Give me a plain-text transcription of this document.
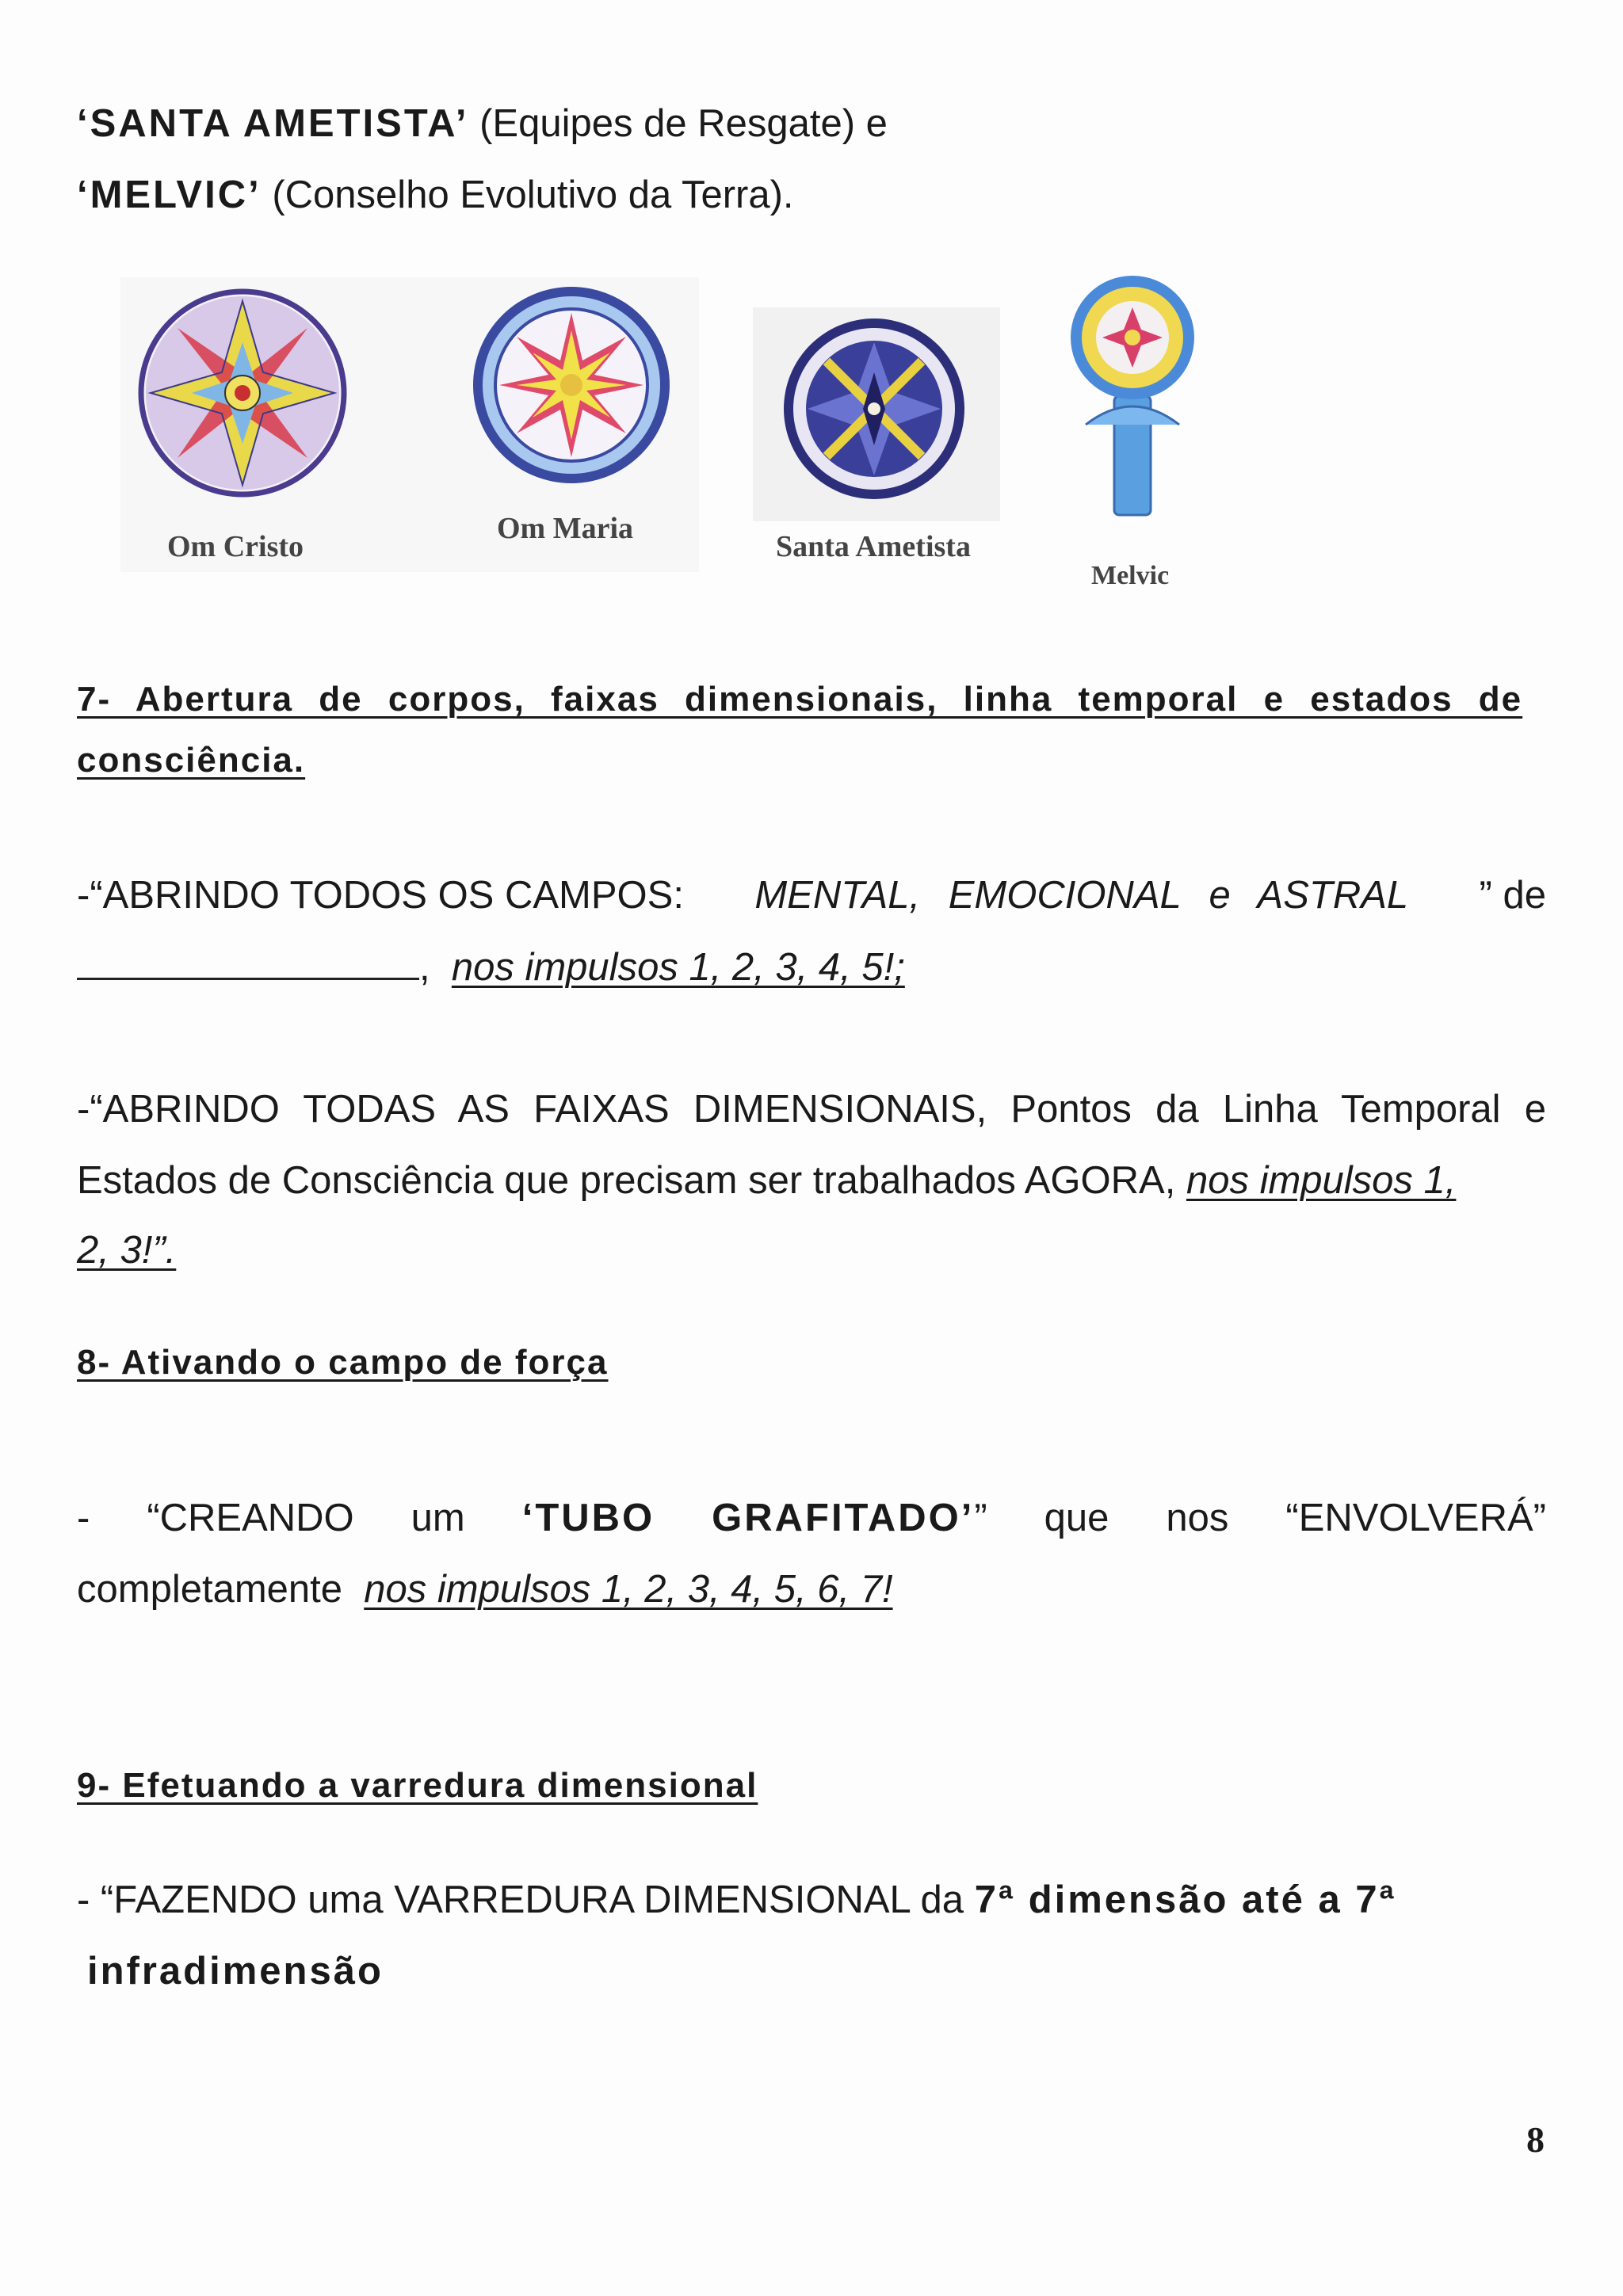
‘SANTA AMETISTA’ (Equipes de Resgate) e
‘MELVIC’ (Conselho Evolutivo da Terra).
Om Cristo
Om Maria
Santa Ametista
Melvic
7- Abertura de corpos, faixas dimensionais, linha temporal e estados de
consciência.
-“ABRINDO TODOS OS CAMPOS: MENTAL, EMOCIONAL e ASTRAL ” de
, nos impulsos 1, 2, 3, 4, 5!;
-“ABRINDO TODAS AS FAIXAS DIMENSIONAIS, Pontos da Linha Temporal e
Estados de Consciência que precisam ser trabalhados AGORA, nos impulsos 1,
2, 3!”.
8- Ativando o campo de força
- “CREANDO um ‘TUBO GRAFITADO’” que nos “ENVOLVERÁ”
completamente nos impulsos 1, 2, 3, 4, 5, 6, 7!
9- Efetuando a varredura dimensional
- “FAZENDO uma VARREDURA DIMENSIONAL da 7ª dimensão até a 7ª
infradimensão
8
